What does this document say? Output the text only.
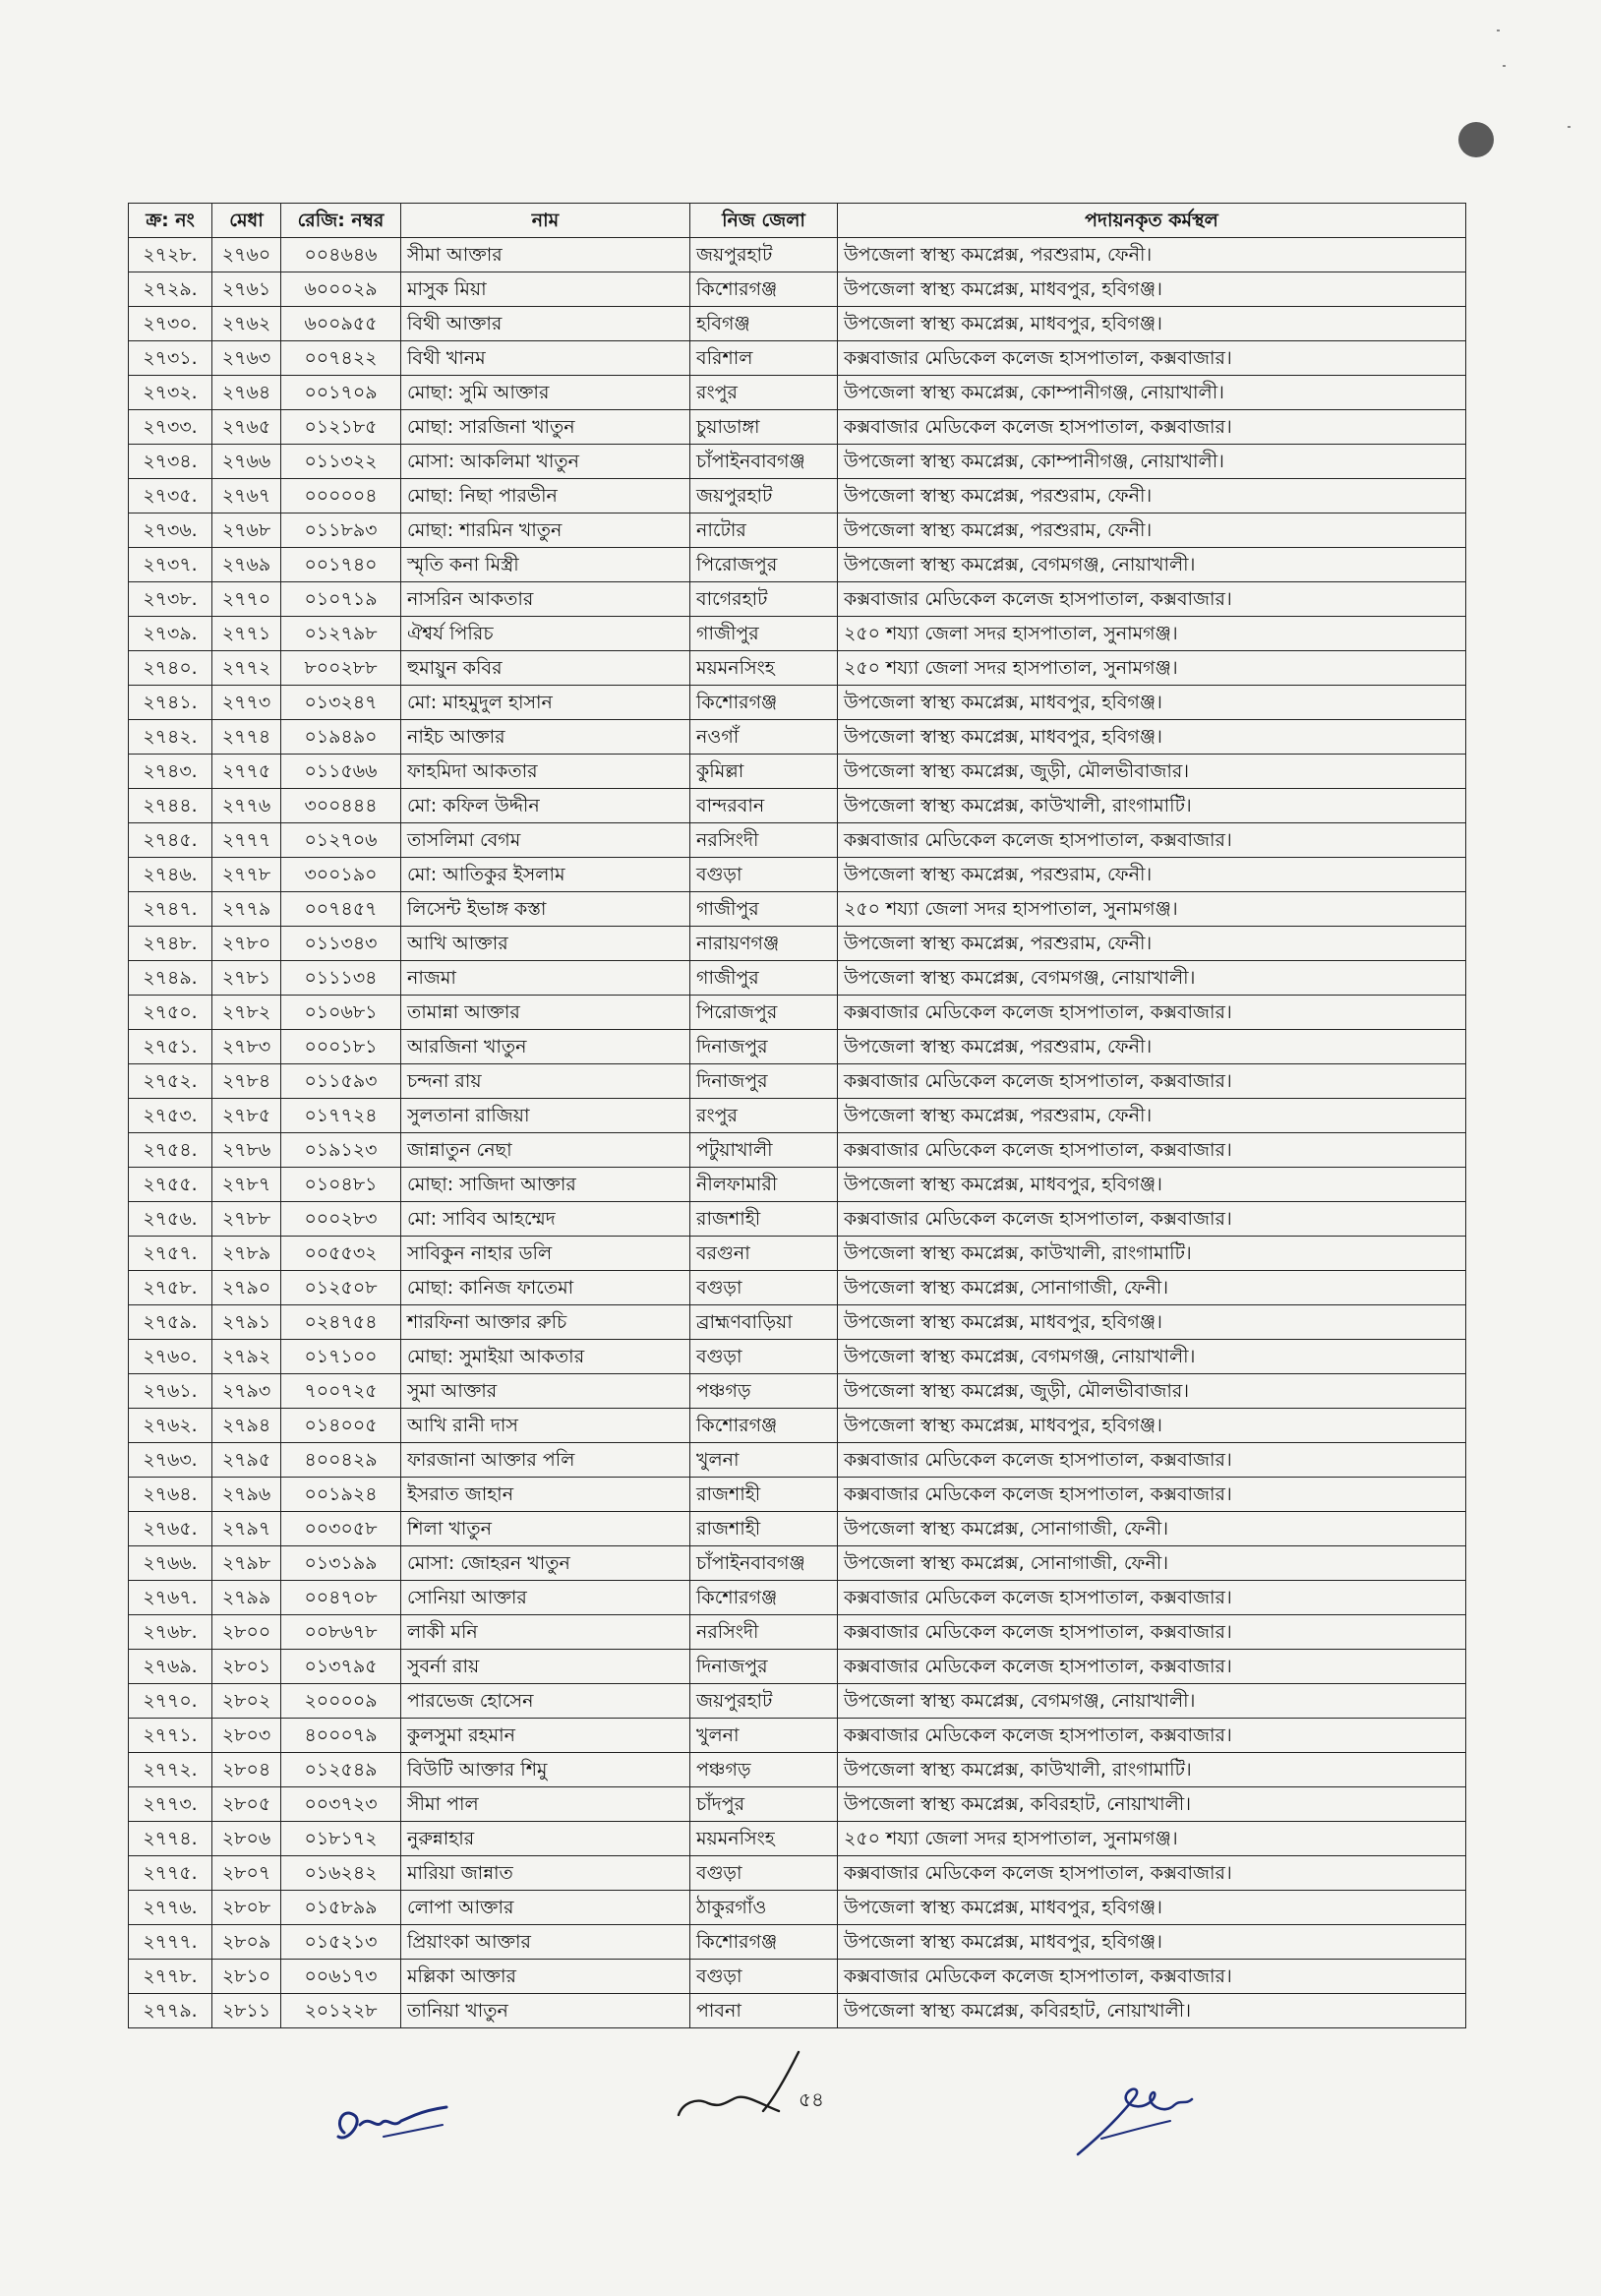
ক্র: নং	মেধা	রেজি: নম্বর	নাম	নিজ জেলা	পদায়নকৃত কর্মস্থল
২৭২৮.	২৭৬০	০০৪৬৪৬	সীমা আক্তার	জয়পুরহাট	উপজেলা স্বাস্থ্য কমপ্লেক্স, পরশুরাম, ফেনী।
২৭২৯.	২৭৬১	৬০০০২৯	মাসুক মিয়া	কিশোরগঞ্জ	উপজেলা স্বাস্থ্য কমপ্লেক্স, মাধবপুর, হবিগঞ্জ।
২৭৩০.	২৭৬২	৬০০৯৫৫	বিথী আক্তার	হবিগঞ্জ	উপজেলা স্বাস্থ্য কমপ্লেক্স, মাধবপুর, হবিগঞ্জ।
২৭৩১.	২৭৬৩	০০৭৪২২	বিথী খানম	বরিশাল	কক্সবাজার মেডিকেল কলেজ হাসপাতাল, কক্সবাজার।
২৭৩২.	২৭৬৪	০০১৭০৯	মোছা: সুমি আক্তার	রংপুর	উপজেলা স্বাস্থ্য কমপ্লেক্স, কোম্পানীগঞ্জ, নোয়াখালী।
২৭৩৩.	২৭৬৫	০১২১৮৫	মোছা: সারজিনা খাতুন	চুয়াডাঙ্গা	কক্সবাজার মেডিকেল কলেজ হাসপাতাল, কক্সবাজার।
২৭৩৪.	২৭৬৬	০১১৩২২	মোসা: আকলিমা খাতুন	চাঁপাইনবাবগঞ্জ	উপজেলা স্বাস্থ্য কমপ্লেক্স, কোম্পানীগঞ্জ, নোয়াখালী।
২৭৩৫.	২৭৬৭	০০০০০৪	মোছা: নিছা পারভীন	জয়পুরহাট	উপজেলা স্বাস্থ্য কমপ্লেক্স, পরশুরাম, ফেনী।
২৭৩৬.	২৭৬৮	০১১৮৯৩	মোছা: শারমিন খাতুন	নাটোর	উপজেলা স্বাস্থ্য কমপ্লেক্স, পরশুরাম, ফেনী।
২৭৩৭.	২৭৬৯	০০১৭৪০	স্মৃতি কনা মিস্ত্রী	পিরোজপুর	উপজেলা স্বাস্থ্য কমপ্লেক্স, বেগমগঞ্জ, নোয়াখালী।
২৭৩৮.	২৭৭০	০১০৭১৯	নাসরিন আকতার	বাগেরহাট	কক্সবাজার মেডিকেল কলেজ হাসপাতাল, কক্সবাজার।
২৭৩৯.	২৭৭১	০১২৭৯৮	ঐশ্বর্য পিরিচ	গাজীপুর	২৫০ শয্যা জেলা সদর হাসপাতাল, সুনামগঞ্জ।
২৭৪০.	২৭৭২	৮০০২৮৮	হুমায়ুন কবির	ময়মনসিংহ	২৫০ শয্যা জেলা সদর হাসপাতাল, সুনামগঞ্জ।
২৭৪১.	২৭৭৩	০১৩২৪৭	মো: মাহমুদুল হাসান	কিশোরগঞ্জ	উপজেলা স্বাস্থ্য কমপ্লেক্স, মাধবপুর, হবিগঞ্জ।
২৭৪২.	২৭৭৪	০১৯৪৯০	নাইচ আক্তার	নওগাঁ	উপজেলা স্বাস্থ্য কমপ্লেক্স, মাধবপুর, হবিগঞ্জ।
২৭৪৩.	২৭৭৫	০১১৫৬৬	ফাহমিদা আকতার	কুমিল্লা	উপজেলা স্বাস্থ্য কমপ্লেক্স, জুড়ী, মৌলভীবাজার।
২৭৪৪.	২৭৭৬	৩০০৪৪৪	মো: কফিল উদ্দীন	বান্দরবান	উপজেলা স্বাস্থ্য কমপ্লেক্স, কাউখালী, রাংগামাটি।
২৭৪৫.	২৭৭৭	০১২৭০৬	তাসলিমা বেগম	নরসিংদী	কক্সবাজার মেডিকেল কলেজ হাসপাতাল, কক্সবাজার।
২৭৪৬.	২৭৭৮	৩০০১৯০	মো: আতিকুর ইসলাম	বগুড়া	উপজেলা স্বাস্থ্য কমপ্লেক্স, পরশুরাম, ফেনী।
২৭৪৭.	২৭৭৯	০০৭৪৫৭	লিসেন্ট ইভাঙ্গ কস্তা	গাজীপুর	২৫০ শয্যা জেলা সদর হাসপাতাল, সুনামগঞ্জ।
২৭৪৮.	২৭৮০	০১১৩৪৩	আখি আক্তার	নারায়ণগঞ্জ	উপজেলা স্বাস্থ্য কমপ্লেক্স, পরশুরাম, ফেনী।
২৭৪৯.	২৭৮১	০১১১৩৪	নাজমা	গাজীপুর	উপজেলা স্বাস্থ্য কমপ্লেক্স, বেগমগঞ্জ, নোয়াখালী।
২৭৫০.	২৭৮২	০১০৬৮১	তামান্না আক্তার	পিরোজপুর	কক্সবাজার মেডিকেল কলেজ হাসপাতাল, কক্সবাজার।
২৭৫১.	২৭৮৩	০০০১৮১	আরজিনা খাতুন	দিনাজপুর	উপজেলা স্বাস্থ্য কমপ্লেক্স, পরশুরাম, ফেনী।
২৭৫২.	২৭৮৪	০১১৫৯৩	চন্দনা রায়	দিনাজপুর	কক্সবাজার মেডিকেল কলেজ হাসপাতাল, কক্সবাজার।
২৭৫৩.	২৭৮৫	০১৭৭২৪	সুলতানা রাজিয়া	রংপুর	উপজেলা স্বাস্থ্য কমপ্লেক্স, পরশুরাম, ফেনী।
২৭৫৪.	২৭৮৬	০১৯১২৩	জান্নাতুন নেছা	পটুয়াখালী	কক্সবাজার মেডিকেল কলেজ হাসপাতাল, কক্সবাজার।
২৭৫৫.	২৭৮৭	০১০৪৮১	মোছা: সাজিদা আক্তার	নীলফামারী	উপজেলা স্বাস্থ্য কমপ্লেক্স, মাধবপুর, হবিগঞ্জ।
২৭৫৬.	২৭৮৮	০০০২৮৩	মো: সাবিব আহম্মেদ	রাজশাহী	কক্সবাজার মেডিকেল কলেজ হাসপাতাল, কক্সবাজার।
২৭৫৭.	২৭৮৯	০০৫৫৩২	সাবিকুন নাহার ডলি	বরগুনা	উপজেলা স্বাস্থ্য কমপ্লেক্স, কাউখালী, রাংগামাটি।
২৭৫৮.	২৭৯০	০১২৫০৮	মোছা: কানিজ ফাতেমা	বগুড়া	উপজেলা স্বাস্থ্য কমপ্লেক্স, সোনাগাজী, ফেনী।
২৭৫৯.	২৭৯১	০২৪৭৫৪	শারফিনা আক্তার রুচি	ব্রাহ্মণবাড়িয়া	উপজেলা স্বাস্থ্য কমপ্লেক্স, মাধবপুর, হবিগঞ্জ।
২৭৬০.	২৭৯২	০১৭১০০	মোছা: সুমাইয়া আকতার	বগুড়া	উপজেলা স্বাস্থ্য কমপ্লেক্স, বেগমগঞ্জ, নোয়াখালী।
২৭৬১.	২৭৯৩	৭০০৭২৫	সুমা আক্তার	পঞ্চগড়	উপজেলা স্বাস্থ্য কমপ্লেক্স, জুড়ী, মৌলভীবাজার।
২৭৬২.	২৭৯৪	০১৪০০৫	আখি রানী দাস	কিশোরগঞ্জ	উপজেলা স্বাস্থ্য কমপ্লেক্স, মাধবপুর, হবিগঞ্জ।
২৭৬৩.	২৭৯৫	৪০০৪২৯	ফারজানা আক্তার পলি	খুলনা	কক্সবাজার মেডিকেল কলেজ হাসপাতাল, কক্সবাজার।
২৭৬৪.	২৭৯৬	০০১৯২৪	ইসরাত জাহান	রাজশাহী	কক্সবাজার মেডিকেল কলেজ হাসপাতাল, কক্সবাজার।
২৭৬৫.	২৭৯৭	০০৩০৫৮	শিলা খাতুন	রাজশাহী	উপজেলা স্বাস্থ্য কমপ্লেক্স, সোনাগাজী, ফেনী।
২৭৬৬.	২৭৯৮	০১৩১৯৯	মোসা: জোহরন খাতুন	চাঁপাইনবাবগঞ্জ	উপজেলা স্বাস্থ্য কমপ্লেক্স, সোনাগাজী, ফেনী।
২৭৬৭.	২৭৯৯	০০৪৭০৮	সোনিয়া আক্তার	কিশোরগঞ্জ	কক্সবাজার মেডিকেল কলেজ হাসপাতাল, কক্সবাজার।
২৭৬৮.	২৮০০	০০৮৬৭৮	লাকী মনি	নরসিংদী	কক্সবাজার মেডিকেল কলেজ হাসপাতাল, কক্সবাজার।
২৭৬৯.	২৮০১	০১৩৭৯৫	সুবর্না রায়	দিনাজপুর	কক্সবাজার মেডিকেল কলেজ হাসপাতাল, কক্সবাজার।
২৭৭০.	২৮০২	২০০০০৯	পারভেজ হোসেন	জয়পুরহাট	উপজেলা স্বাস্থ্য কমপ্লেক্স, বেগমগঞ্জ, নোয়াখালী।
২৭৭১.	২৮০৩	৪০০০৭৯	কুলসুমা রহমান	খুলনা	কক্সবাজার মেডিকেল কলেজ হাসপাতাল, কক্সবাজার।
২৭৭২.	২৮০৪	০১২৫৪৯	বিউটি আক্তার শিমু	পঞ্চগড়	উপজেলা স্বাস্থ্য কমপ্লেক্স, কাউখালী, রাংগামাটি।
২৭৭৩.	২৮০৫	০০৩৭২৩	সীমা পাল	চাঁদপুর	উপজেলা স্বাস্থ্য কমপ্লেক্স, কবিরহাট, নোয়াখালী।
২৭৭৪.	২৮০৬	০১৮১৭২	নুরুন্নাহার	ময়মনসিংহ	২৫০ শয্যা জেলা সদর হাসপাতাল, সুনামগঞ্জ।
২৭৭৫.	২৮০৭	০১৬২৪২	মারিয়া জান্নাত	বগুড়া	কক্সবাজার মেডিকেল কলেজ হাসপাতাল, কক্সবাজার।
২৭৭৬.	২৮০৮	০১৫৮৯৯	লোপা আক্তার	ঠাকুরগাঁও	উপজেলা স্বাস্থ্য কমপ্লেক্স, মাধবপুর, হবিগঞ্জ।
২৭৭৭.	২৮০৯	০১৫২১৩	প্রিয়াংকা আক্তার	কিশোরগঞ্জ	উপজেলা স্বাস্থ্য কমপ্লেক্স, মাধবপুর, হবিগঞ্জ।
২৭৭৮.	২৮১০	০০৬১৭৩	মল্লিকা আক্তার	বগুড়া	কক্সবাজার মেডিকেল কলেজ হাসপাতাল, কক্সবাজার।
২৭৭৯.	২৮১১	২০১২২৮	তানিয়া খাতুন	পাবনা	উপজেলা স্বাস্থ্য কমপ্লেক্স, কবিরহাট, নোয়াখালী।
৫৪
